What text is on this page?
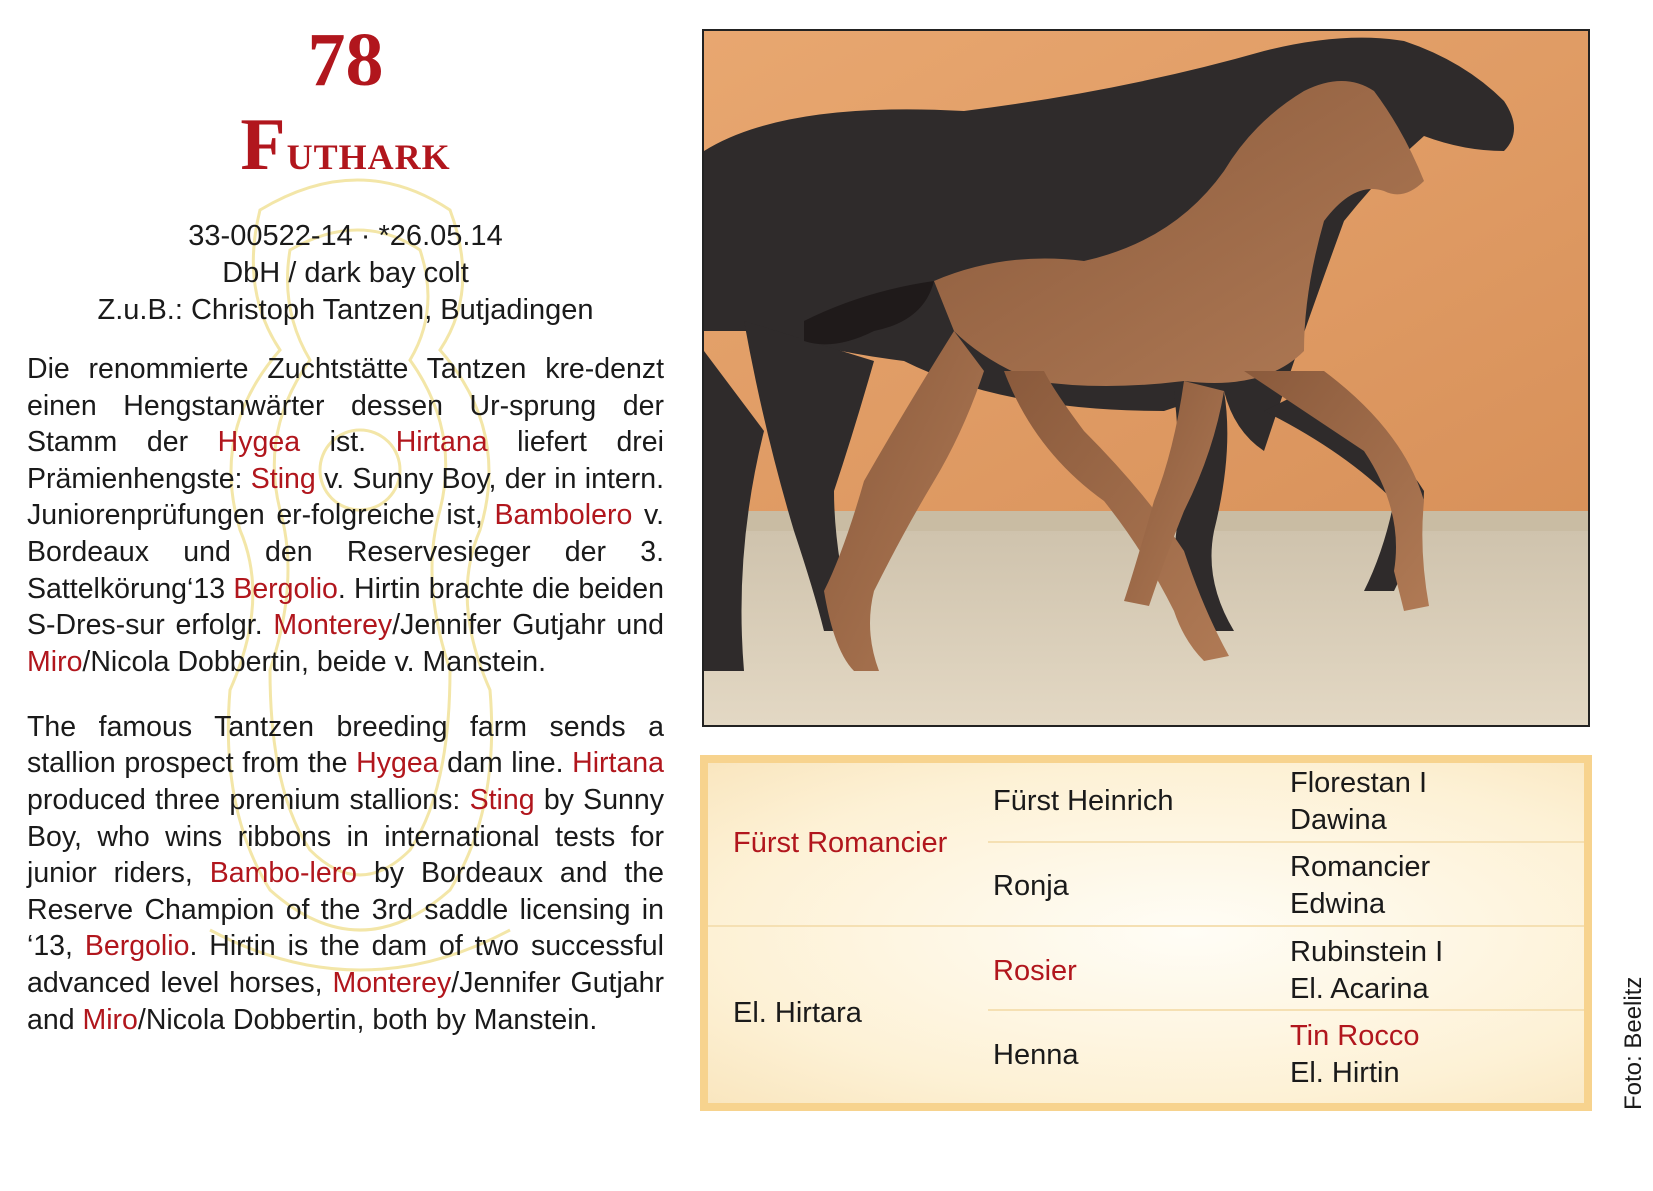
78
Futhark
33-00522-14 · *26.05.14
DbH / dark bay colt
Z.u.B.: Christoph Tantzen, Butjadingen

Die renommierte Zuchtstätte Tantzen kre-denzt einen Hengstanwärter dessen Ur-sprung der Stamm der Hygea ist. Hirtana liefert drei Prämienhengste: Sting v. Sunny Boy, der in intern. Juniorenprüfungen er-folgreiche ist, Bambolero v. Bordeaux und den Reservesieger der 3. Sattelkörung‘13 Bergolio. Hirtin brachte die beiden S-Dres-sur erfolgr. Monterey/Jennifer Gutjahr und Miro/Nicola Dobbertin, beide v. Manstein.

The famous Tantzen breeding farm sends a stallion prospect from the Hygea dam line. Hirtana produced three premium stallions: Sting by Sunny Boy, who wins ribbons in international tests for junior riders, Bambo-lero by Bordeaux and the Reserve Champion of the 3rd saddle licensing in ‘13, Bergolio. Hirtin is the dam of two successful advanced level horses, Monterey/Jennifer Gutjahr and Miro/Nicola Dobbertin, both by Manstein.

Fürst Romancier
El. Hirtara
Fürst Heinrich
Ronja
Rosier
Henna
Florestan I
Dawina
Romancier
Edwina
Rubinstein I
El. Acarina
Tin Rocco
El. Hirtin	Foto: Beelitz
